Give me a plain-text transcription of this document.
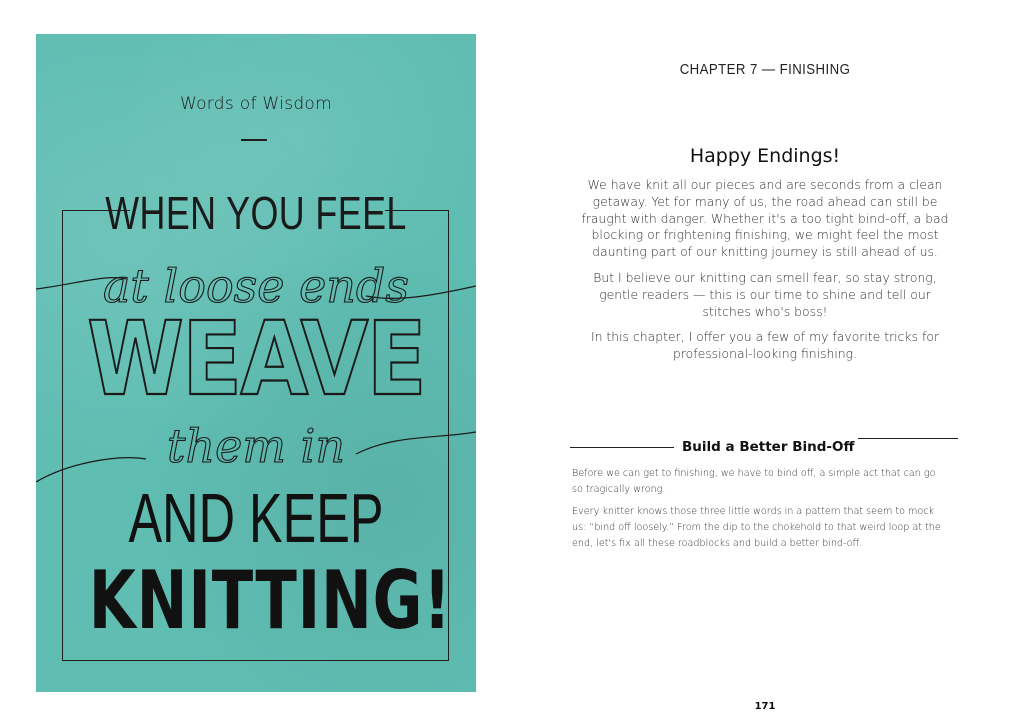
Words of Wisdom
WHEN YOU FEEL
at loose ends
them in
WEAVE
AND KEEP
KNITTING!
CHAPTER 7 — FINISHING
Happy Endings!

We have knit all our pieces and are seconds from a clean getaway. Yet for many of us, the road ahead can still be fraught with danger. Whether it's a too tight bind-off, a bad blocking or frightening finishing, we might feel the most daunting part of our knitting journey is still ahead of us.

But I believe our knitting can smell fear, so stay strong, gentle readers — this is our time to shine and tell our stitches who's boss!

In this chapter, I offer you a few of my favorite tricks for professional-looking finishing.

Build a Better Bind-Off

Before we can get to finishing, we have to bind off, a simple act that can go so tragically wrong.

Every knitter knows those three little words in a pattern that seem to mock us: “bind off loosely.” From the dip to the chokehold to that weird loop at the end, let's fix all these roadblocks and build a better bind-off.

171
